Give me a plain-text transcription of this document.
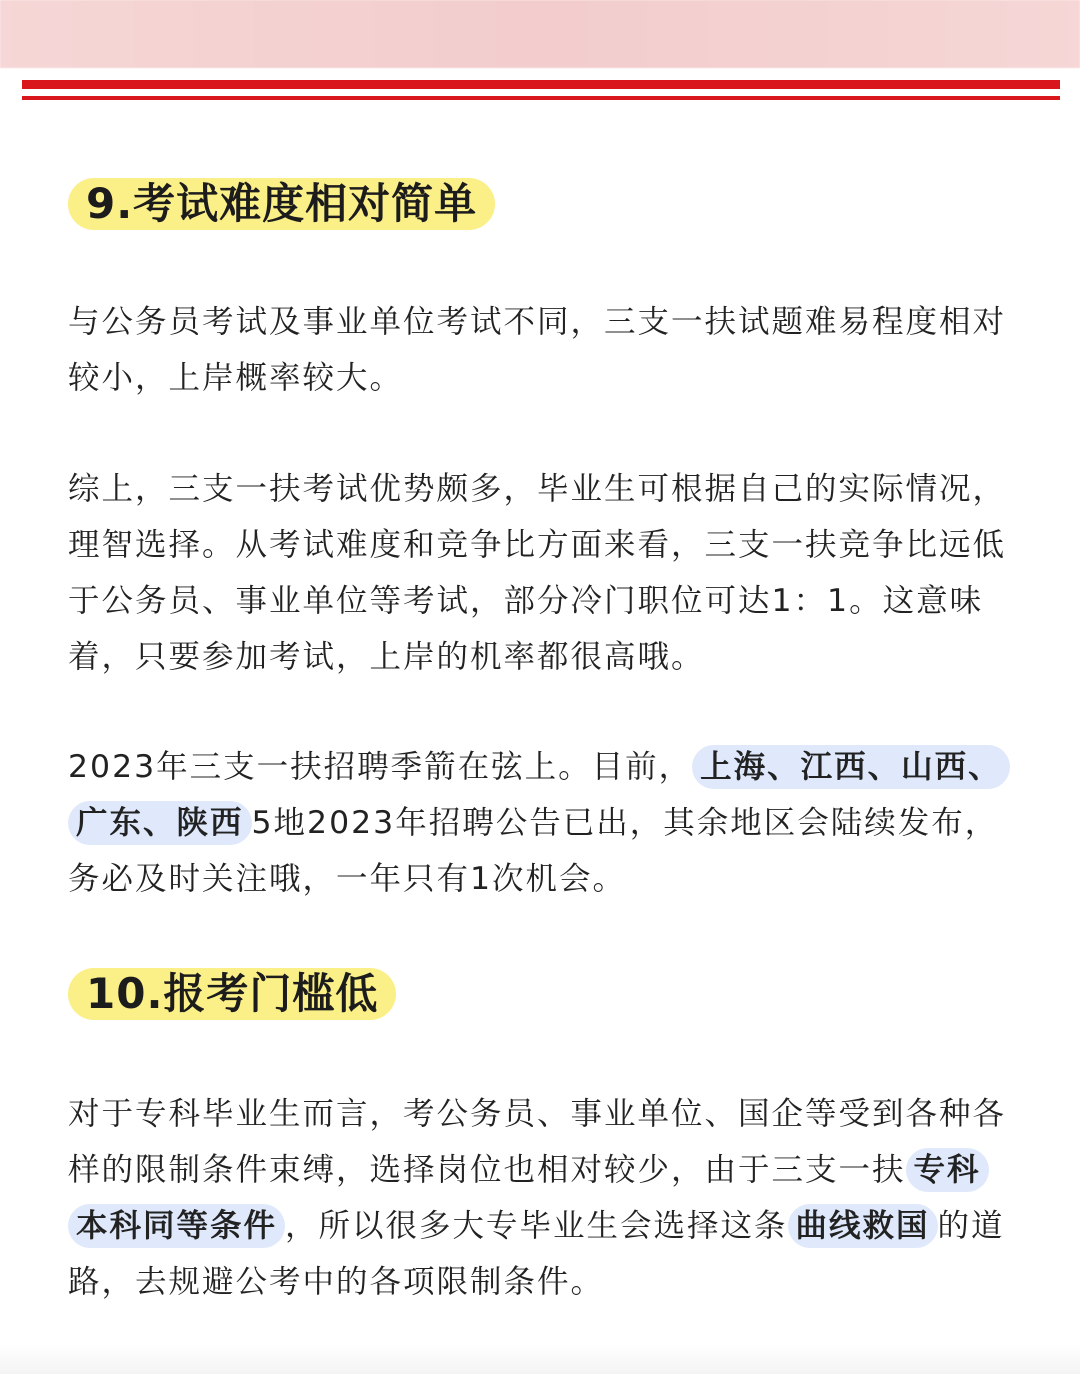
9.考试难度相对简单

与公务员考试及事业单位考试不同，三支一扶试题难易程度相对较小，上岸概率较大。

综上，三支一扶考试优势颇多，毕业生可根据自己的实际情况，理智选择。从考试难度和竞争比方面来看，三支一扶竞争比远低于公务员、事业单位等考试，部分冷门职位可达1：1。这意味着，只要参加考试，上岸的机率都很高哦。

2023年三支一扶招聘季箭在弦上。目前， 上海、江西、山西、广东、陕西 5地2023年招聘公告已出，其余地区会陆续发布，务必及时关注哦，一年只有1次机会。

10.报考门槛低

对于专科毕业生而言，考公务员、事业单位、国企等受到各种各样的限制条件束缚，选择岗位也相对较少，由于三支一扶 专科本科同等条件 ，所以很多大专毕业生会选择这条 曲线救国 的道路，去规避公考中的各项限制条件。
